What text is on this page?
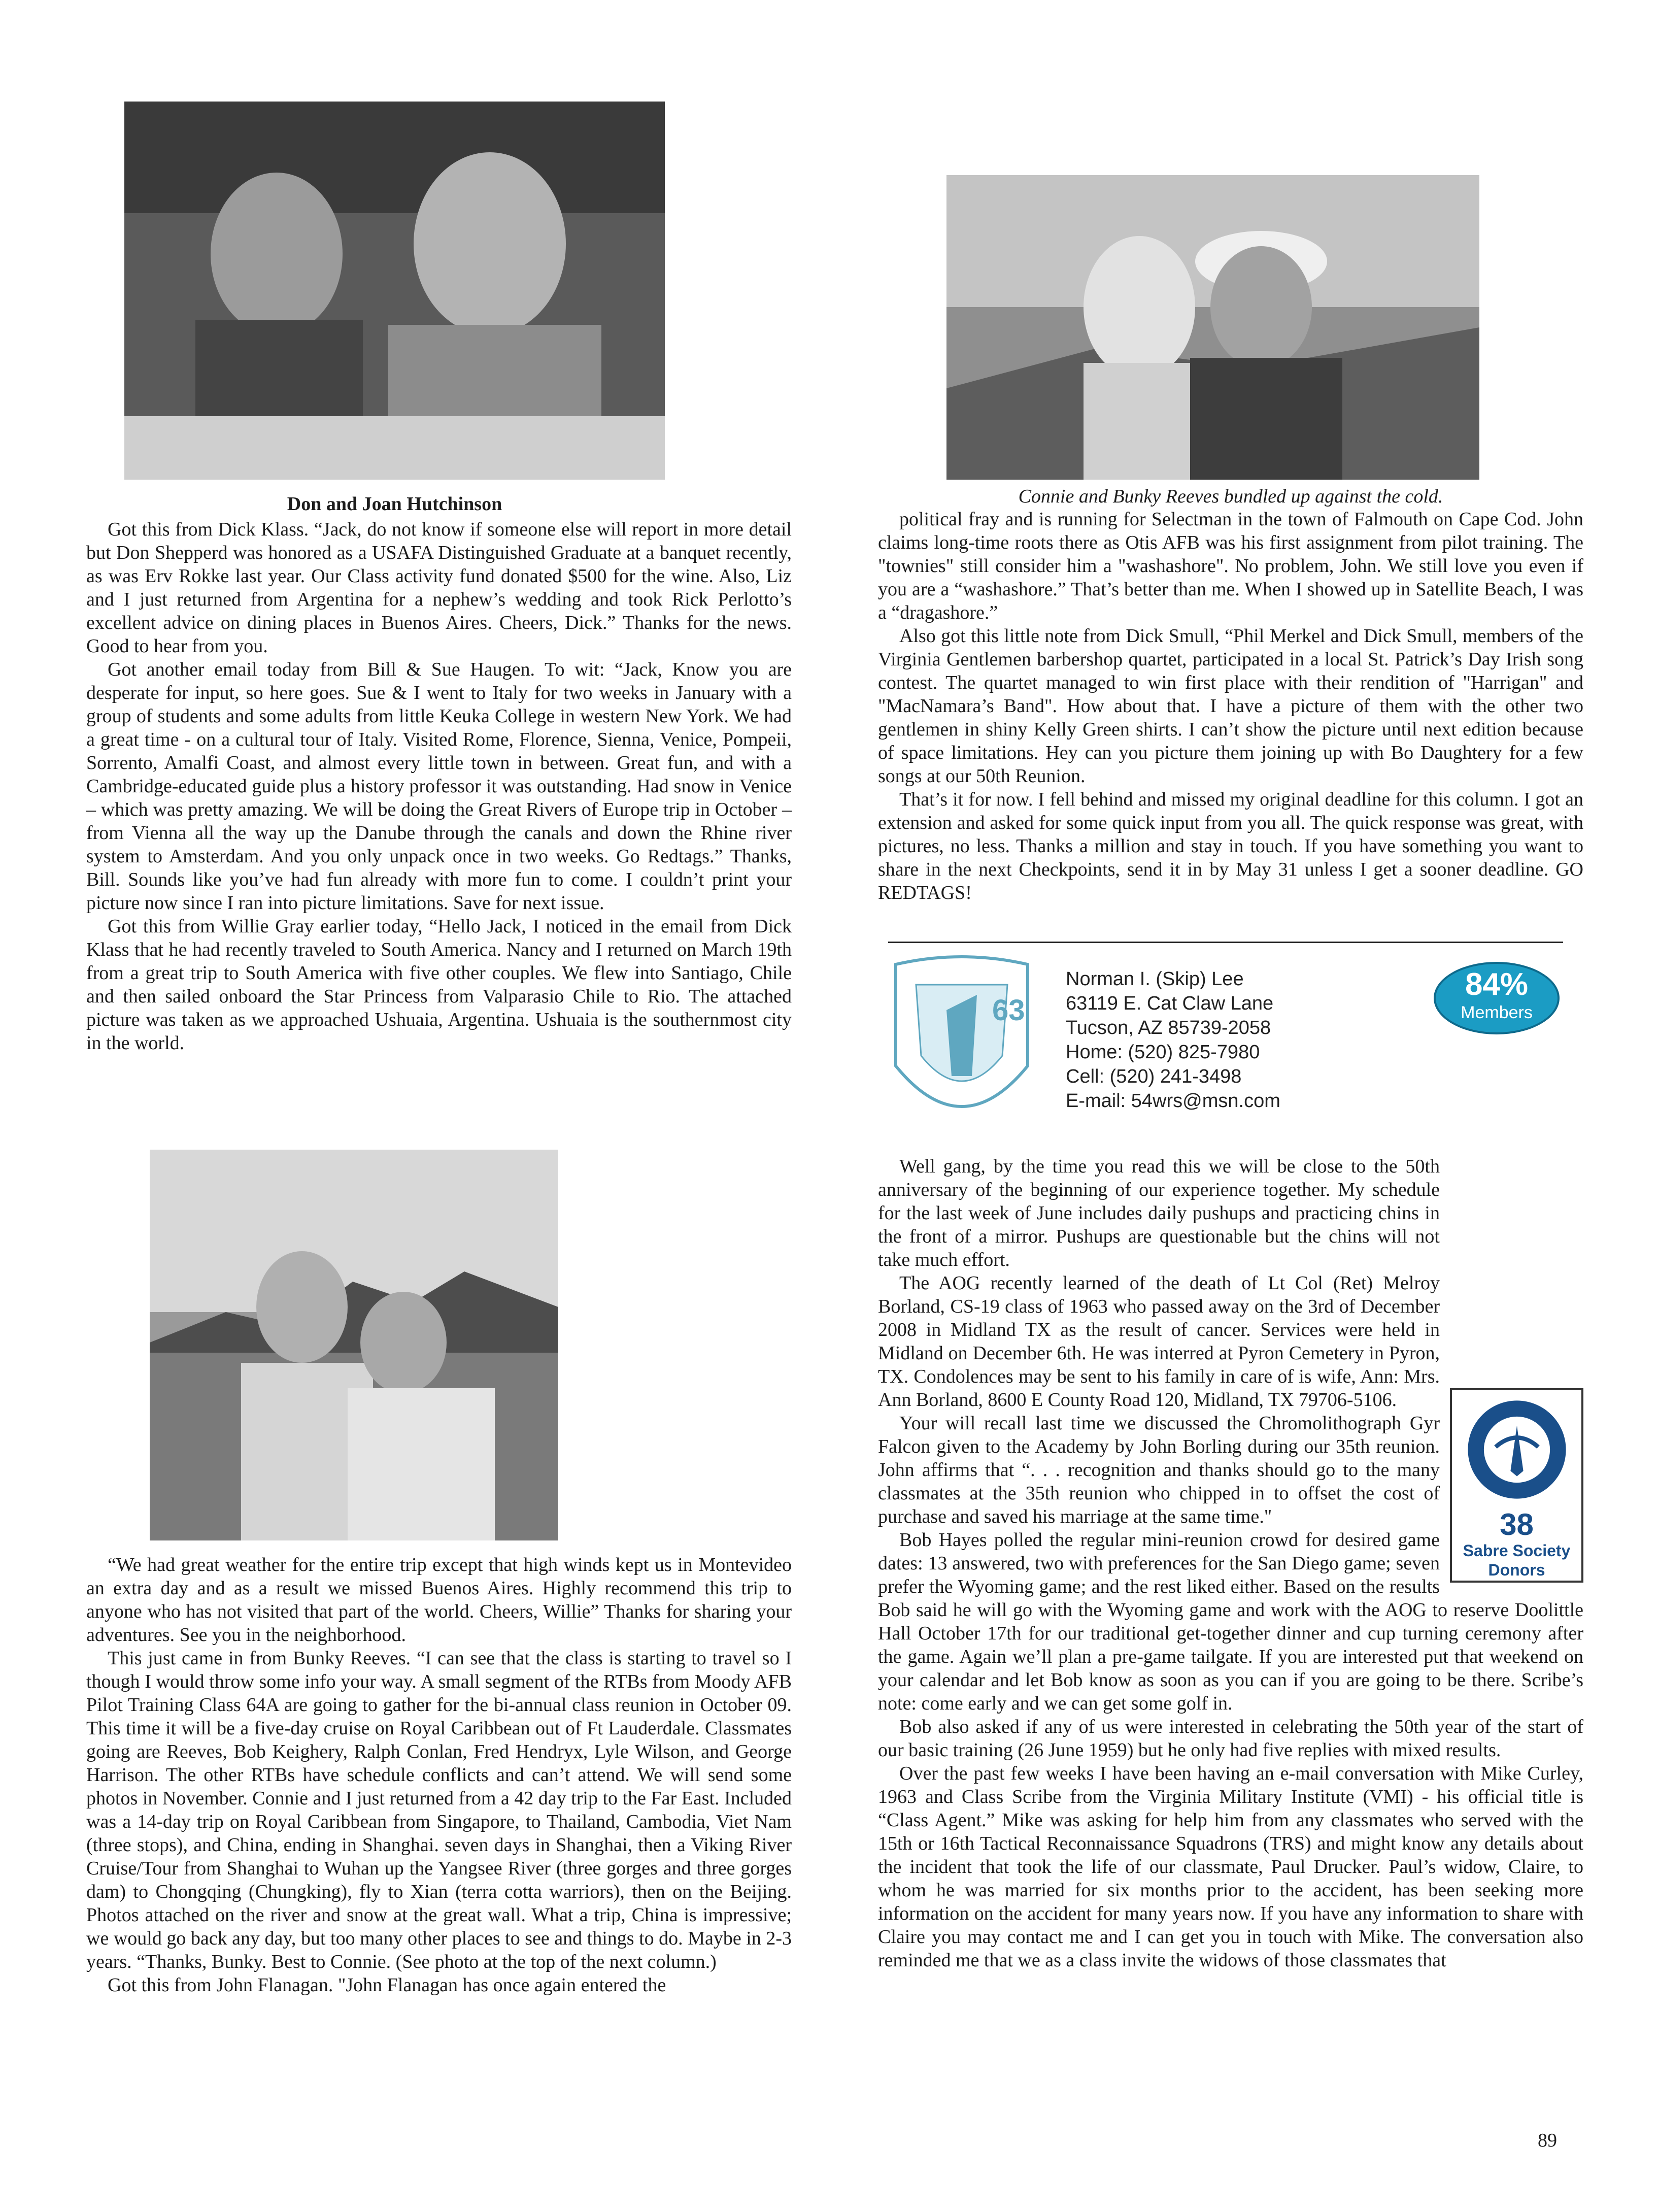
Don and Joan Hutchinson

Got this from Dick Klass. “Jack, do not know if someone else will report in more detail but Don Shepperd was honored as a USAFA Distinguished Graduate at a banquet recently, as was Erv Rokke last year. Our Class activity fund donated $500 for the wine. Also, Liz and I just returned from Argentina for a nephew’s wedding and took Rick Perlotto’s excellent advice on dining places in Buenos Aires. Cheers, Dick.” Thanks for the news. Good to hear from you.

Got another email today from Bill & Sue Haugen. To wit: “Jack, Know you are desperate for input, so here goes. Sue & I went to Italy for two weeks in January with a group of students and some adults from little Keuka College in western New York. We had a great time - on a cultural tour of Italy. Visited Rome, Florence, Sienna, Venice, Pompeii, Sorrento, Amalfi Coast, and almost every little town in between. Great fun, and with a Cambridge-educated guide plus a history professor it was outstanding. Had snow in Venice – which was pretty amazing. We will be doing the Great Rivers of Europe trip in October – from Vienna all the way up the Danube through the canals and down the Rhine river system to Amsterdam. And you only unpack once in two weeks. Go Redtags.” Thanks, Bill. Sounds like you’ve had fun already with more fun to come. I couldn’t print your picture now since I ran into picture limitations. Save for next issue.

Got this from Willie Gray earlier today, “Hello Jack, I noticed in the email from Dick Klass that he had recently traveled to South America. Nancy and I returned on March 19th from a great trip to South America with five other couples. We flew into Santiago, Chile and then sailed onboard the Star Princess from Valparasio Chile to Rio. The attached picture was taken as we approached Ushuaia, Argentina. Ushuaia is the southernmost city in the world.

“We had great weather for the entire trip except that high winds kept us in Montevideo an extra day and as a result we missed Buenos Aires. Highly recommend this trip to anyone who has not visited that part of the world. Cheers, Willie” Thanks for sharing your adventures. See you in the neighborhood.

This just came in from Bunky Reeves. “I can see that the class is starting to travel so I though I would throw some info your way. A small segment of the RTBs from Moody AFB Pilot Training Class 64A are going to gather for the bi-annual class reunion in October 09. This time it will be a five-day cruise on Royal Caribbean out of Ft Lauderdale. Classmates going are Reeves, Bob Keighery, Ralph Conlan, Fred Hendryx, Lyle Wilson, and George Harrison. The other RTBs have schedule conflicts and can’t attend. We will send some photos in November. Connie and I just returned from a 42 day trip to the Far East. Included was a 14-day trip on Royal Caribbean from Singapore, to Thailand, Cambodia, Viet Nam (three stops), and China, ending in Shanghai. seven days in Shanghai, then a Viking River Cruise/Tour from Shanghai to Wuhan up the Yangsee River (three gorges and three gorges dam) to Chongqing (Chungking), fly to Xian (terra cotta warriors), then on the Beijing. Photos attached on the river and snow at the great wall. What a trip, China is impressive; we would go back any day, but too many other places to see and things to do. Maybe in 2-3 years. “Thanks, Bunky. Best to Connie. (See photo at the top of the next column.)

Got this from John Flanagan. "John Flanagan has once again entered the

Connie and Bunky Reeves bundled up against the cold.

political fray and is running for Selectman in the town of Falmouth on Cape Cod. John claims long-time roots there as Otis AFB was his first assignment from pilot training. The "townies" still consider him a "washashore". No problem, John. We still love you even if you are a “washashore.” That’s better than me. When I showed up in Satellite Beach, I was a “dragashore.”

Also got this little note from Dick Smull, “Phil Merkel and Dick Smull, members of the Virginia Gentlemen barbershop quartet, participated in a local St. Patrick’s Day Irish song contest. The quartet managed to win first place with their rendition of "Harrigan" and "MacNamara’s Band". How about that. I have a picture of them with the other two gentlemen in shiny Kelly Green shirts. I can’t show the picture until next edition because of space limitations. Hey can you picture them joining up with Bo Daughtery for a few songs at our 50th Reunion.

That’s it for now. I fell behind and missed my original deadline for this column. I got an extension and asked for some quick input from you all. The quick response was great, with pictures, no less. Thanks a million and stay in touch. If you have something you want to share in the next Checkpoints, send it in by May 31 unless I get a sooner deadline. GO REDTAGS!

63
Norman I. (Skip) Lee
63119 E. Cat Claw Lane
Tucson, AZ 85739-2058
Home: (520) 825-7980
Cell: (520) 241-3498
E-mail: 54wrs@msn.com
84%
Members
38
Sabre Society
Donors

Well gang, by the time you read this we will be close to the 50th anniversary of the beginning of our experience together. My schedule for the last week of June includes daily pushups and practicing chins in the front of a mirror. Pushups are questionable but the chins will not take much effort.

The AOG recently learned of the death of Lt Col (Ret) Melroy Borland, CS-19 class of 1963 who passed away on the 3rd of December 2008 in Midland TX as the result of cancer. Services were held in Midland on December 6th. He was interred at Pyron Cemetery in Pyron, TX. Condolences may be sent to his family in care of is wife, Ann: Mrs. Ann Borland, 8600 E County Road 120, Midland, TX 79706-5106.

Your will recall last time we discussed the Chromolithograph Gyr Falcon given to the Academy by John Borling during our 35th reunion. John affirms that “. . . recognition and thanks should go to the many classmates at the 35th reunion who chipped in to offset the cost of purchase and saved his marriage at the same time."

Bob Hayes polled the regular mini-reunion crowd for desired game dates: 13 answered, two with preferences for the San Diego game; seven prefer the Wyoming game; and the rest liked either. Based on the results Bob said he will go with the Wyoming game and work with the AOG to reserve Doolittle Hall October 17th for our traditional get-together dinner and cup turning ceremony after the game. Again we’ll plan a pre-game tailgate. If you are interested put that weekend on your calendar and let Bob know as soon as you can if you are going to be there. Scribe’s note: come early and we can get some golf in.

Bob also asked if any of us were interested in celebrating the 50th year of the start of our basic training (26 June 1959) but he only had five replies with mixed results.

Over the past few weeks I have been having an e-mail conversation with Mike Curley, 1963 and Class Scribe from the Virginia Military Institute (VMI) - his official title is “Class Agent.” Mike was asking for help him from any classmates who served with the 15th or 16th Tactical Reconnaissance Squadrons (TRS) and might know any details about the incident that took the life of our classmate, Paul Drucker. Paul’s widow, Claire, to whom he was married for six months prior to the accident, has been seeking more information on the accident for many years now. If you have any information to share with Claire you may contact me and I can get you in touch with Mike. The conversation also reminded me that we as a class invite the widows of those classmates that

89
